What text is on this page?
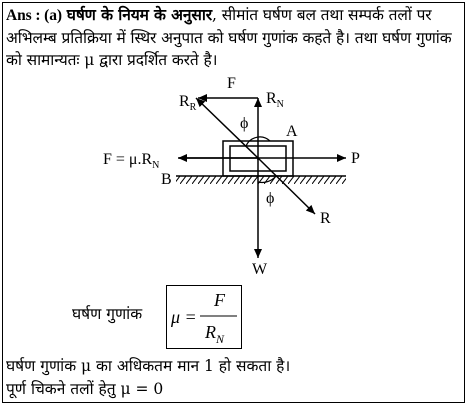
Ans : (a) घर्षण के नियम के अनुसार, सीमांत घर्षण बल तथा सम्पर्क तलों पर अभिलम्ब प्रतिक्रिया में स्थिर अनुपात को घर्षण गुणांक कहते है। तथा घर्षण गुणांक को सामान्यतः μ द्वारा प्रदर्शित करते है।
$R_R$
F
$R_N$
ϕ A
P
B
$F = \mu.R_N$
ϕ
R
W
घर्षण गुणांक μ =
F
$R_N$
घर्षण गुणांक μ का अधिकतम मान 1 हो सकता है।
पूर्ण चिकने तलों हेतु μ = 0
